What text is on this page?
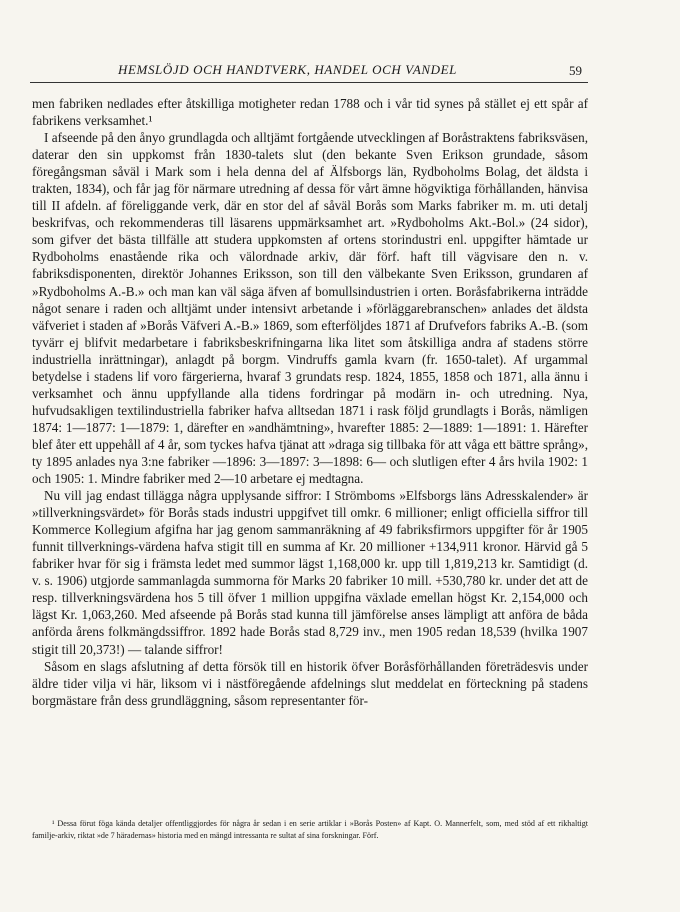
HEMSLÖJD OCH HANDTVERK, HANDEL OCH VANDEL	59

men fabriken nedlades efter åtskilliga motigheter redan 1788 och i vår tid synes på stället ej ett spår af fabrikens verksamhet.¹

I afseende på den ånyo grundlagda och alltjämt fortgående utvecklingen af Boråstraktens fabriksväsen, daterar den sin uppkomst från 1830-talets slut (den bekante Sven Erikson grundade, såsom föregångsman såväl i Mark som i hela denna del af Älfsborgs län, Rydboholms Bolag, det äldsta i trakten, 1834), och får jag för närmare utredning af dessa för vårt ämne högviktiga förhållanden, hänvisa till II afdeln. af föreliggande verk, där en stor del af såväl Borås som Marks fabriker m. m. uti detalj beskrifvas, och rekommenderas till läsarens uppmärksamhet art. »Rydboholms Akt.-Bol.» (24 sidor), som gifver det bästa tillfälle att studera uppkomsten af ortens storindustri enl. uppgifter hämtade ur Rydboholms enastående rika och välordnade arkiv, där förf. haft till vägvisare den n. v. fabriksdisponenten, direktör Johannes Eriksson, son till den välbekante Sven Eriksson, grundaren af »Rydboholms A.-B.» och man kan väl säga äfven af bomullsindustrien i orten. Boråsfabrikerna inträdde något senare i raden och alltjämt under intensivt arbetande i »förläggarebranschen» anlades det äldsta väfveriet i staden af »Borås Väfveri A.-B.» 1869, som efterföljdes 1871 af Drufvefors fabriks A.-B. (som tyvärr ej blifvit medarbetare i fabriksbeskrifningarna lika litet som åtskilliga andra af stadens större industriella inrättningar), anlagdt på borgm. Vindruffs gamla kvarn (fr. 1650-talet). Af urgammal betydelse i stadens lif voro färgerierna, hvaraf 3 grundats resp. 1824, 1855, 1858 och 1871, alla ännu i verksamhet och ännu uppfyllande alla tidens fordringar på modärn in- och utredning. Nya, hufvudsakligen textilindustriella fabriker hafva alltsedan 1871 i rask följd grundlagts i Borås, nämligen 1874: 1—1877: 1—1879: 1, därefter en »andhämtning», hvarefter 1885: 2—1889: 1—1891: 1. Härefter blef åter ett uppehåll af 4 år, som tyckes hafva tjänat att »draga sig tillbaka för att våga ett bättre språng», ty 1895 anlades nya 3:ne fabriker —1896: 3—1897: 3—1898: 6— och slutligen efter 4 års hvila 1902: 1 och 1905: 1. Mindre fabriker med 2—10 arbetare ej medtagna.

Nu vill jag endast tillägga några upplysande siffror: I Strömboms »Elfsborgs läns Adresskalender» är »tillverkningsvärdet» för Borås stads industri uppgifvet till omkr. 6 millioner; enligt officiella siffror till Kommerce Kollegium afgifna har jag genom sammanräkning af 49 fabriksfirmors uppgifter för år 1905 funnit tillverknings-värdena hafva stigit till en summa af Kr. 20 millioner +134,911 kronor. Härvid gå 5 fabriker hvar för sig i främsta ledet med summor lägst 1,168,000 kr. upp till 1,819,213 kr. Samtidigt (d. v. s. 1906) utgjorde sammanlagda summorna för Marks 20 fabriker 10 mill. +530,780 kr. under det att de resp. tillverkningsvärdena hos 5 till öfver 1 million uppgifna växlade emellan högst Kr. 2,154,000 och lägst Kr. 1,063,260. Med afseende på Borås stad kunna till jämförelse anses lämpligt att anföra de båda anförda årens folkmängdssiffror. 1892 hade Borås stad 8,729 inv., men 1905 redan 18,539 (hvilka 1907 stigit till 20,373!) — talande siffror!

Såsom en slags afslutning af detta försök till en historik öfver Boråsförhållanden företrädesvis under äldre tider vilja vi här, liksom vi i nästföregående afdelnings slut meddelat en förteckning på stadens borgmästare från dess grundläggning, såsom representanter för-

¹ Dessa förut föga kända detaljer offentliggjordes för några år sedan i en serie artiklar i »Borås Posten» af Kapt. O. Mannerfelt, som, med stöd af ett rikhaltigt familje-arkiv, riktat »de 7 häradernas» historia med en mängd intressanta re sultat af sina forskningar. Förf.
